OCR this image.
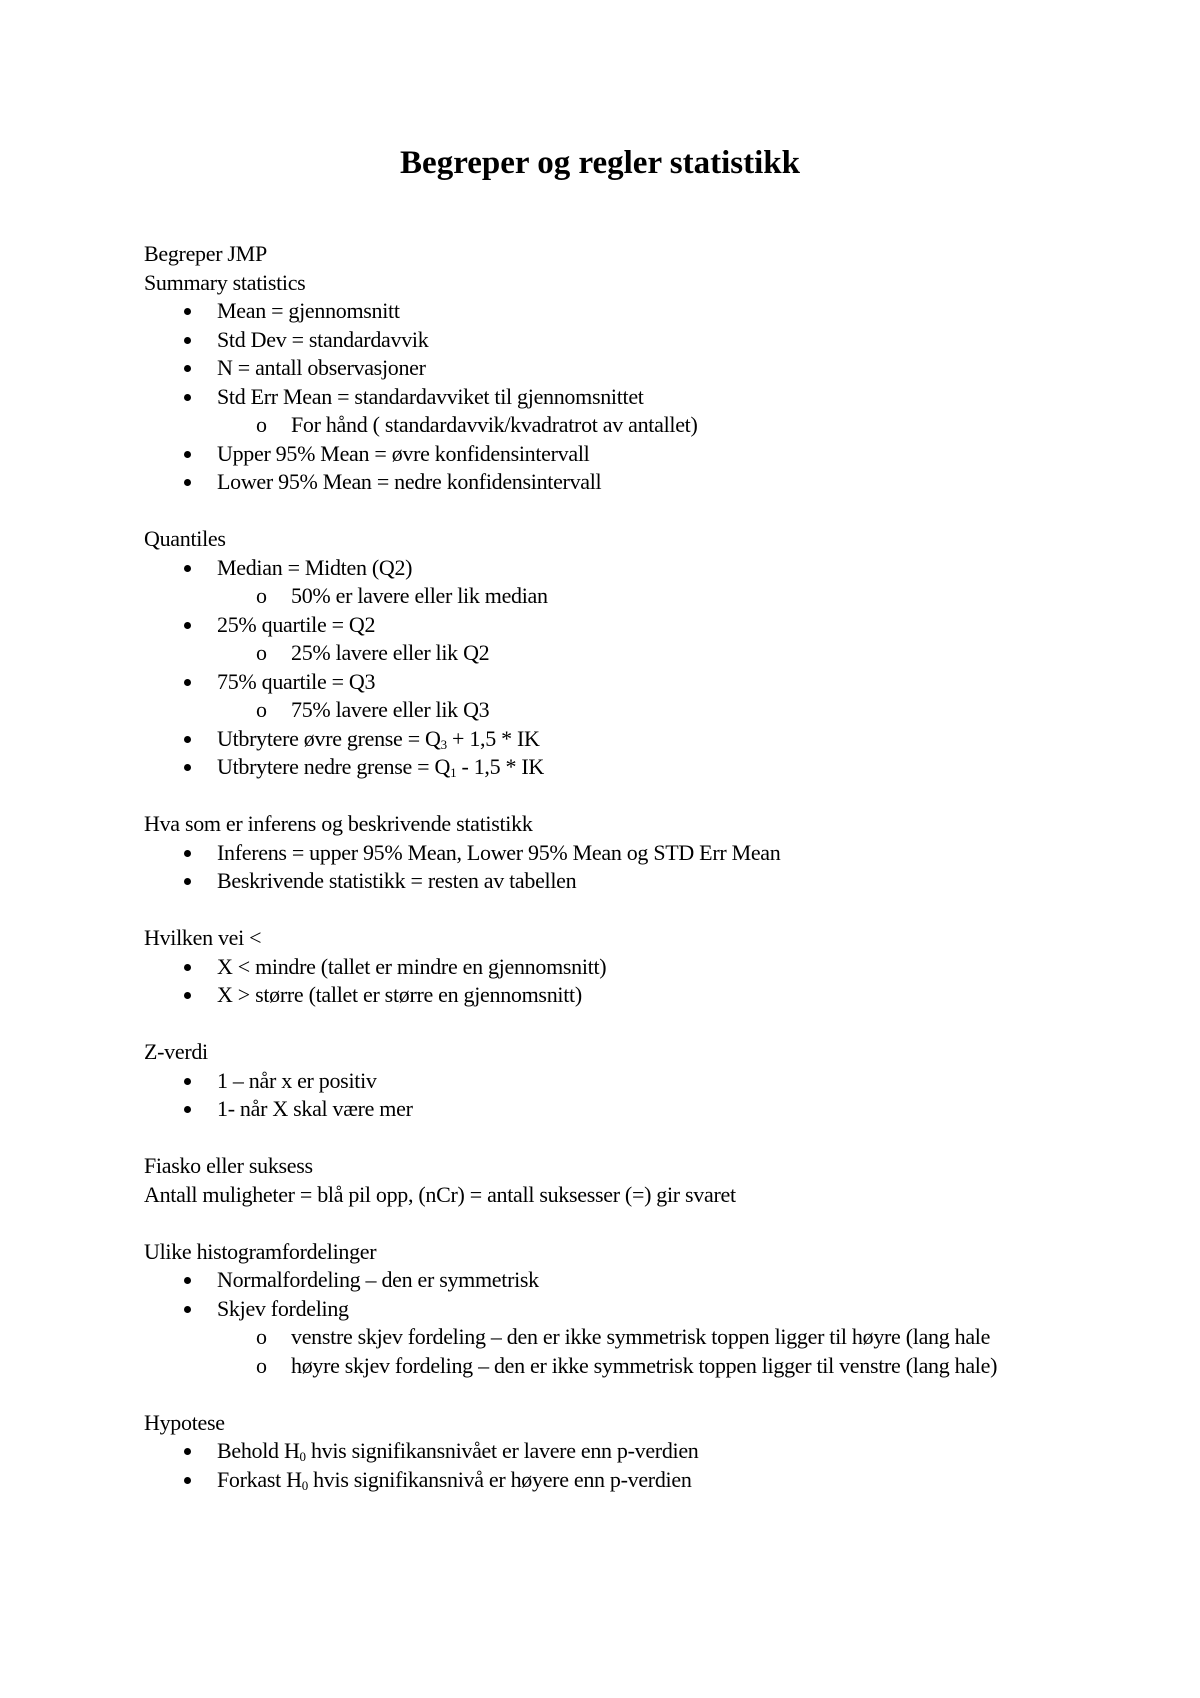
Begreper og regler statistikk

Begreper JMP

Summary statistics

Mean = gjennomsnitt
Std Dev = standardavvik
N = antall observasjoner
Std Err Mean = standardavviket til gjennomsnittet
o For hånd ( standardavvik/kvadratrot av antallet)
Upper 95% Mean = øvre konfidensintervall
Lower 95% Mean = nedre konfidensintervall

Quantiles

Median = Midten (Q2)
o 50% er lavere eller lik median
25% quartile = Q2
o 25% lavere eller lik Q2
75% quartile = Q3
o 75% lavere eller lik Q3
Utbrytere øvre grense = $Q_3 + 1,5$ * IK
Utbrytere nedre grense = $Q_1 - 1,5$ * IK

Hva som er inferens og beskrivende statistikk

Inferens = upper 95% Mean, Lower 95% Mean og STD Err Mean
Beskrivende statistikk = resten av tabellen

Hvilken vei <

X < mindre (tallet er mindre en gjennomsnitt)
X > større (tallet er større en gjennomsnitt)

Z-verdi

1 – når x er positiv
1- når X skal være mer

Fiasko eller suksess

Antall muligheter = blå pil opp, (nCr) = antall suksesser (=) gir svaret

Ulike histogramfordelinger

Normalfordeling – den er symmetrisk
Skjev fordeling
o venstre skjev fordeling – den er ikke symmetrisk toppen ligger til høyre (lang hale
o høyre skjev fordeling – den er ikke symmetrisk toppen ligger til venstre (lang hale)

Hypotese

Behold $H_0$ hvis signifikansnivået er lavere enn p-verdien
Forkast $H_0$ hvis signifikansnivå er høyere enn p-verdien
